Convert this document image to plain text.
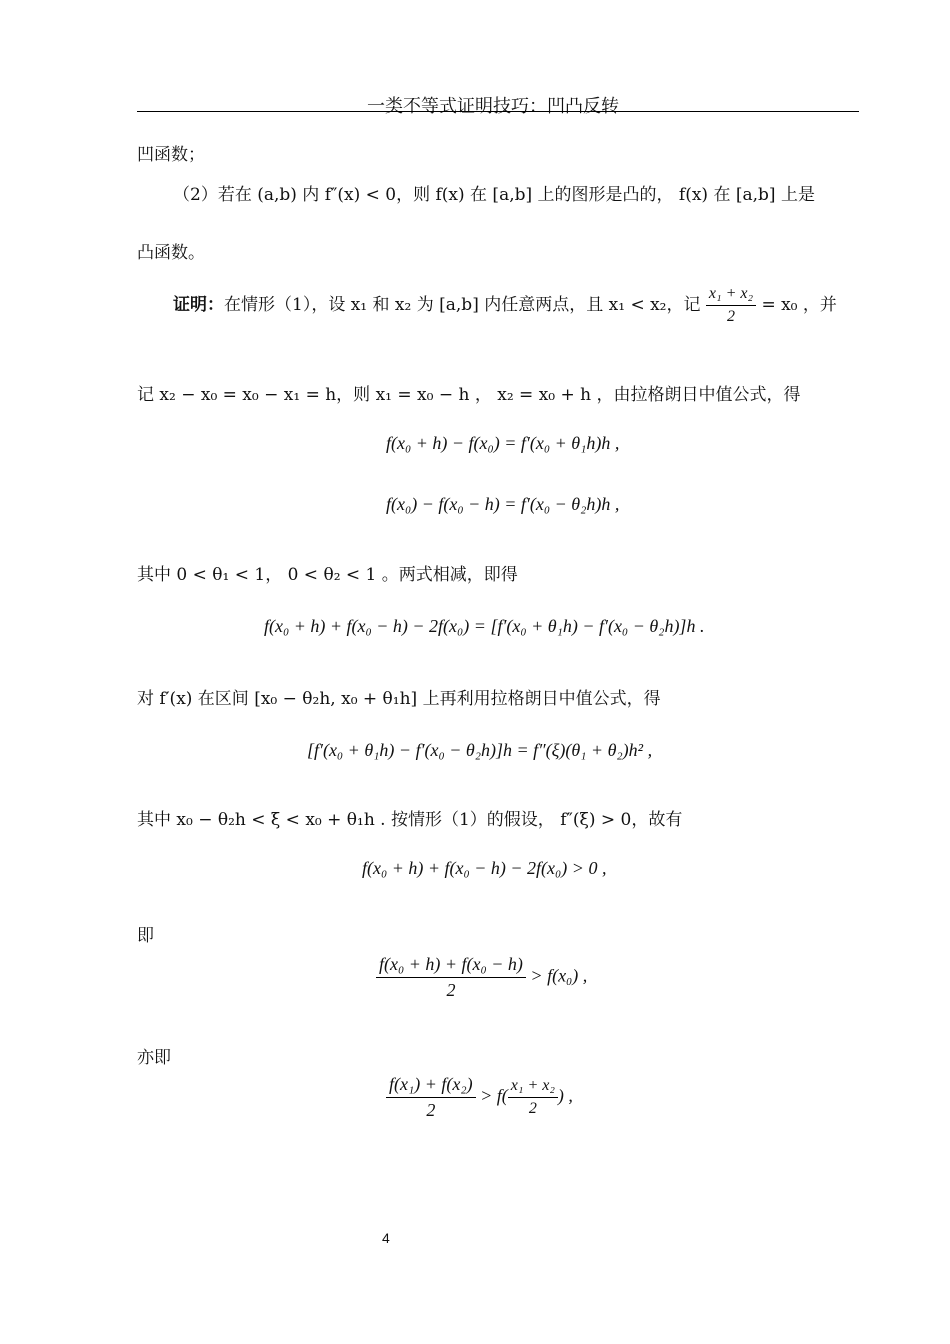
一类不等式证明技巧：凹凸反转
凹函数；
（2）若在 (a,b) 内 f″(x) < 0，则 f(x) 在 [a,b] 上的图形是凸的， f(x) 在 [a,b] 上是
凸函数。
证明：在情形（1），设 x₁ 和 x₂ 为 [a,b] 内任意两点，且 x₁ < x₂，记 $\frac{\text{x₁ + x₂}}{2} = x_0$ ，并
记 x₂ − x₀ = x₀ − x₁ = h，则 x₁ = x₀ − h ， x₂ = x₀ + h ，由拉格朗日中值公式，得
f(x₀ + h) − f(x₀) = f′(x₀ + θ₁h)h ,
f(x₀) − f(x₀ − h) = f′(x₀ − θ₂h)h ,
其中 0 < θ₁ < 1， 0 < θ₂ < 1 。两式相减，即得
f(x₀ + h) + f(x₀ − h) − 2f(x₀) = [f′(x₀ + θ₁h) − f′(x₀ − θ₂h)]h .
对 f′(x) 在区间 [x₀ − θ₂h, x₀ + θ₁h] 上再利用拉格朗日中值公式，得
[f′(x₀ + θ₁h) − f′(x₀ − θ₂h)]h = f″(ξ)(θ₁ + θ₂)h² ,
其中 x₀ − θ₂h < ξ < x₀ + θ₁h . 按情形（1）的假设， f″(ξ) > 0，故有
f(x₀ + h) + f(x₀ − h) − 2f(x₀) > 0 ,
即
$\frac{\text{f(x₀ + h) + f(x₀ − h)}}{2} > f(x_0)$ ,
亦即
$\frac{\text{f(x₁) + f(x₂)}}{2} > f( \frac{\text{x₁ + x₂}}{2}$ ) ,
4
